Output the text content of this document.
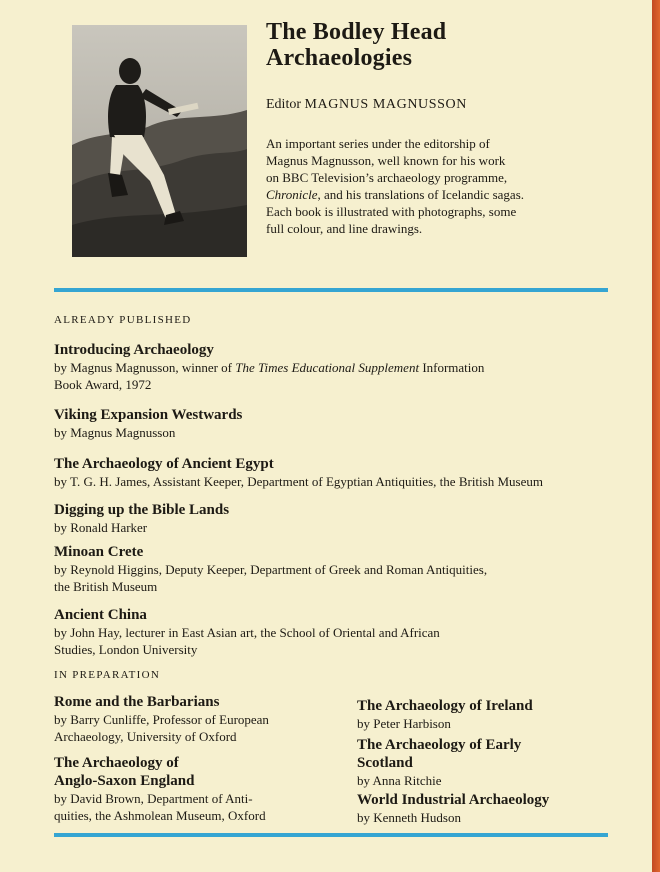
The Bodley Head
Archaeologies

Editor MAGNUS MAGNUSSON

An important series under the editorship of
Magnus Magnusson, well known for his work
on BBC Television’s archaeology programme,
Chronicle, and his translations of Icelandic sagas.
Each book is illustrated with photographs, some
full colour, and line drawings.

ALREADY PUBLISHED

Introducing Archaeology

by Magnus Magnusson, winner of The Times Educational Supplement Information
Book Award, 1972

Viking Expansion Westwards

by Magnus Magnusson

The Archaeology of Ancient Egypt

by T. G. H. James, Assistant Keeper, Department of Egyptian Antiquities, the British Museum

Digging up the Bible Lands

by Ronald Harker

Minoan Crete

by Reynold Higgins, Deputy Keeper, Department of Greek and Roman Antiquities,
the British Museum

Ancient China

by John Hay, lecturer in East Asian art, the School of Oriental and African
Studies, London University

IN PREPARATION

Rome and the Barbarians

by Barry Cunliffe, Professor of European
Archaeology, University of Oxford

The Archaeology of
Anglo-Saxon England

by David Brown, Department of Anti-
quities, the Ashmolean Museum, Oxford

The Archaeology of Ireland

by Peter Harbison

The Archaeology of Early
Scotland

by Anna Ritchie

World Industrial Archaeology

by Kenneth Hudson
